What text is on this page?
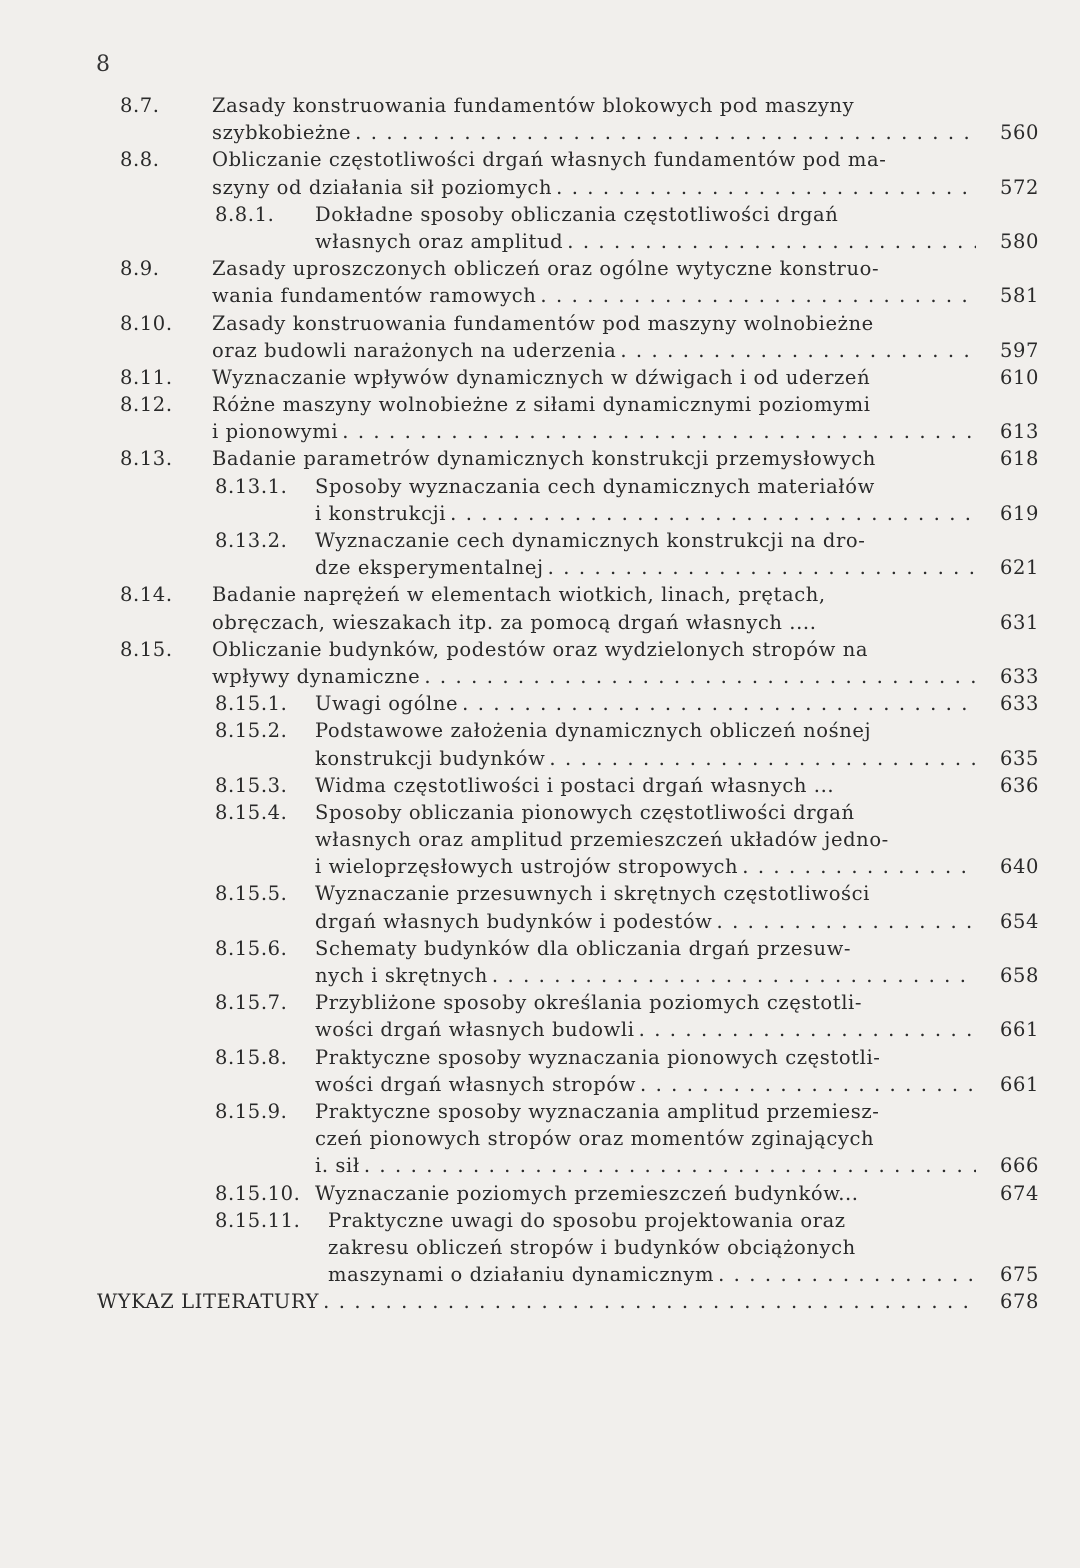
8
8.7.	Zasady konstruowania fundamentów blokowych pod maszyny
szybkobieżne . . .	560
8.8.	Obliczanie częstotliwości drgań własnych fundamentów pod ma-
szyny od działania sił poziomych . . .	572
8.8.1. Dokładne sposoby obliczania częstotliwości drgań
własnych oraz amplitud . . .	580
8.9.	Zasady uproszczonych obliczeń oraz ogólne wytyczne konstruo-
wania fundamentów ramowych . . .	581
8.10. Zasady konstruowania fundamentów pod maszyny wolnobieżne
oraz budowli narażonych na uderzenia . . .	597
8.11. Wyznaczanie wpływów dynamicznych w dźwigach i od uderzeń	610
8.12. Różne maszyny wolnobieżne z siłami dynamicznymi poziomymi
i pionowymi . . .	613
8.13. Badanie parametrów dynamicznych konstrukcji przemysłowych	618
8.13.1. Sposoby wyznaczania cech dynamicznych materiałów
i konstrukcji . . .	619
8.13.2. Wyznaczanie cech dynamicznych konstrukcji na dro-
dze eksperymentalnej . . .	621
8.14. Badanie naprężeń w elementach wiotkich, linach, prętach,
obręczach, wieszakach itp. za pomocą drgań własnych ....	631
8.15. Obliczanie budynków, podestów oraz wydzielonych stropów na
wpływy dynamiczne . . .	633
8.15.1. Uwagi ogólne . . .	633
8.15.2. Podstawowe założenia dynamicznych obliczeń nośnej
konstrukcji budynków . . .	635
8.15.3. Widma częstotliwości i postaci drgań własnych ...	636
8.15.4. Sposoby obliczania pionowych częstotliwości drgań
własnych oraz amplitud przemieszczeń układów jedno-
i wieloprzęsłowych ustrojów stropowych . . .	640
8.15.5. Wyznaczanie przesuwnych i skrętnych częstotliwości
drgań własnych budynków i podestów . . .	654
8.15.6. Schematy budynków dla obliczania drgań przesuw-
nych i skrętnych . . .	658
8.15.7. Przybliżone sposoby określania poziomych częstotli-
wości drgań własnych budowli . . .	661
8.15.8. Praktyczne sposoby wyznaczania pionowych częstotli-
wości drgań własnych stropów . . .	661
8.15.9. Praktyczne sposoby wyznaczania amplitud przemiesz-
czeń pionowych stropów oraz momentów zginających
i. sił . . .	666
8.15.10. Wyznaczanie poziomych przemieszczeń budynków...	674
8.15.11. Praktyczne uwagi do sposobu projektowania oraz
zakresu obliczeń stropów i budynków obciążonych
maszynami o działaniu dynamicznym . . .	675
WYKAZ LITERATURY . . .	678
